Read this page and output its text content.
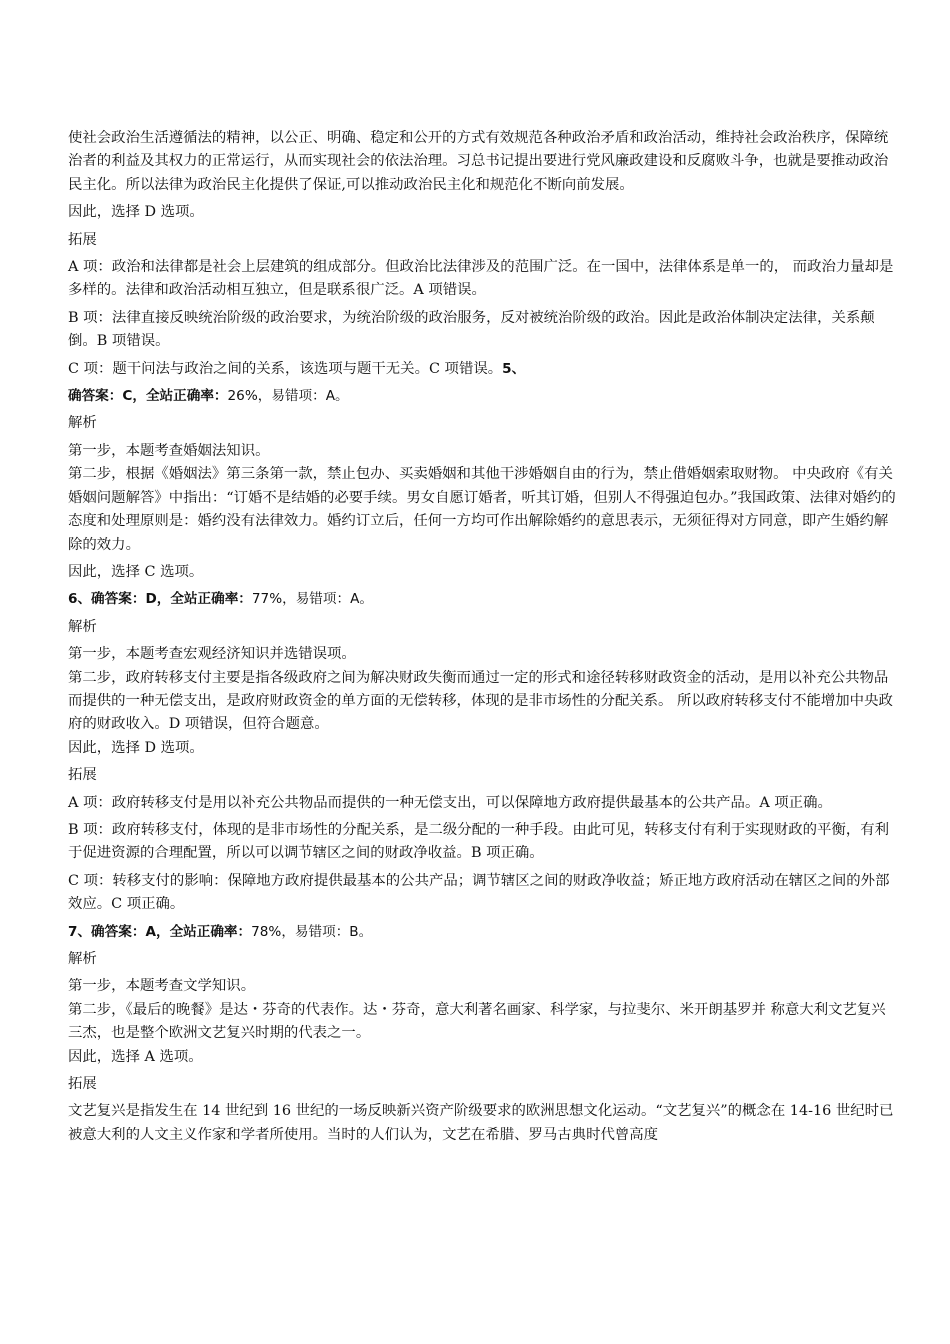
使社会政治生活遵循法的精神，以公正、明确、稳定和公开的方式有效规范各种政治矛盾和政治活动，维持社会政治秩序，保障统治者的利益及其权力的正常运行，从而实现社会的依法治理。习总书记提出要进行党风廉政建设和反腐败斗争，也就是要推动政治民主化。所以法律为政治民主化提供了保证,可以推动政治民主化和规范化不断向前发展。

因此，选择 D 选项。

拓展

A 项：政治和法律都是社会上层建筑的组成部分。但政治比法律涉及的范围广泛。在一国中，法律体系是单一的， 而政治力量却是多样的。法律和政治活动相互独立，但是联系很广泛。A 项错误。

B 项：法律直接反映统治阶级的政治要求，为统治阶级的政治服务，反对被统治阶级的政治。因此是政治体制决定法律，关系颠倒。B 项错误。

C 项：题干问法与政治之间的关系，该选项与题干无关。C 项错误。5、

确答案：C，全站正确率：26%，易错项：A。

解析

第一步，本题考查婚姻法知识。

第二步，根据《婚姻法》第三条第一款，禁止包办、买卖婚姻和其他干涉婚姻自由的行为，禁止借婚姻索取财物。 中央政府《有关婚姻问题解答》中指出：“订婚不是结婚的必要手续。男女自愿订婚者，听其订婚，但别人不得强迫包办。”我国政策、法律对婚约的态度和处理原则是：婚约没有法律效力。婚约订立后，任何一方均可作出解除婚约的意思表示，无须征得对方同意，即产生婚约解除的效力。

因此，选择 C 选项。

6、确答案：D，全站正确率：77%，易错项：A。

解析

第一步，本题考查宏观经济知识并选错误项。

第二步，政府转移支付主要是指各级政府之间为解决财政失衡而通过一定的形式和途径转移财政资金的活动，是用以补充公共物品而提供的一种无偿支出，是政府财政资金的单方面的无偿转移，体现的是非市场性的分配关系。 所以政府转移支付不能增加中央政府的财政收入。D 项错误，但符合题意。

因此，选择 D 选项。

拓展

A 项：政府转移支付是用以补充公共物品而提供的一种无偿支出，可以保障地方政府提供最基本的公共产品。A 项正确。

B 项：政府转移支付，体现的是非市场性的分配关系，是二级分配的一种手段。由此可见，转移支付有利于实现财政的平衡，有利于促进资源的合理配置，所以可以调节辖区之间的财政净收益。B 项正确。

C 项：转移支付的影响：保障地方政府提供最基本的公共产品；调节辖区之间的财政净收益；矫正地方政府活动在辖区之间的外部效应。C 项正确。

7、确答案：A，全站正确率：78%，易错项：B。

解析

第一步，本题考查文学知识。

第二步，《最后的晚餐》是达・芬奇的代表作。达・芬奇，意大利著名画家、科学家，与拉斐尔、米开朗基罗并 称意大利文艺复兴三杰，也是整个欧洲文艺复兴时期的代表之一。

因此，选择 A 选项。

拓展

文艺复兴是指发生在 14 世纪到 16 世纪的一场反映新兴资产阶级要求的欧洲思想文化运动。“文艺复兴”的概念在 14-16 世纪时已被意大利的人文主义作家和学者所使用。当时的人们认为，文艺在希腊、罗马古典时代曾高度
